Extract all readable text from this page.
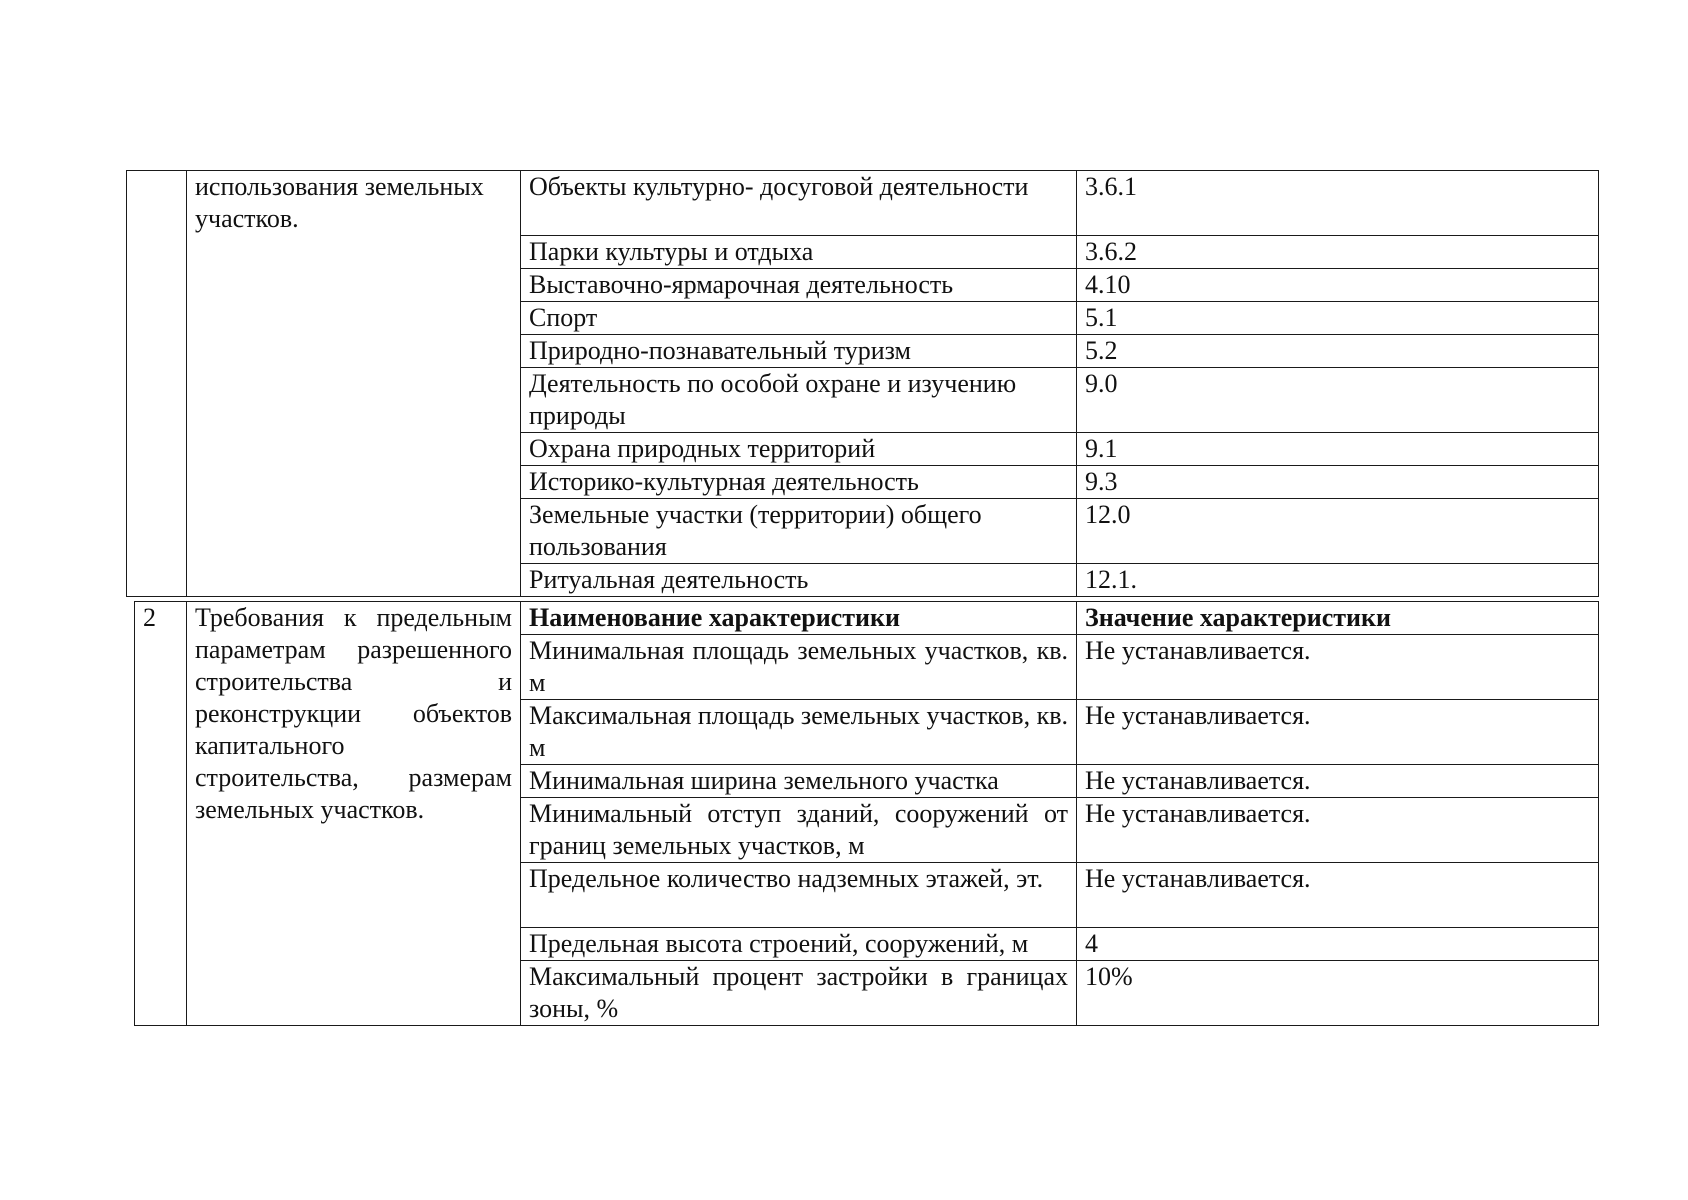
	использования земельных участков.	Объекты культурно- досуговой деятельности	3.6.1
		Парки культуры и отдыха	3.6.2
		Выставочно-ярмарочная деятельность	4.10
		Спорт	5.1
		Природно-познавательный туризм	5.2
		Деятельность по особой охране и изучению природы	9.0
		Охрана природных территорий	9.1
		Историко-культурная деятельность	9.3
		Земельные участки (территории) общего пользования	12.0
		Ритуальная деятельность	12.1.
2	Требования к предельным параметрам разрешенного строительства и реконструкции объектов капитального строительства, размерам земельных участков.	Наименование характеристики	Значение характеристики
		Минимальная площадь земельных участков, кв. м	Не устанавливается.
		Максимальная площадь земельных участков, кв. м	Не устанавливается.
		Минимальная ширина земельного участка	Не устанавливается.
		Минимальный отступ зданий, сооружений от границ земельных участков, м	Не устанавливается.
		Предельное количество надземных этажей, эт.	Не устанавливается.
		Предельная высота строений, сооружений, м	4
		Максимальный процент застройки в границах зоны, %	10%
